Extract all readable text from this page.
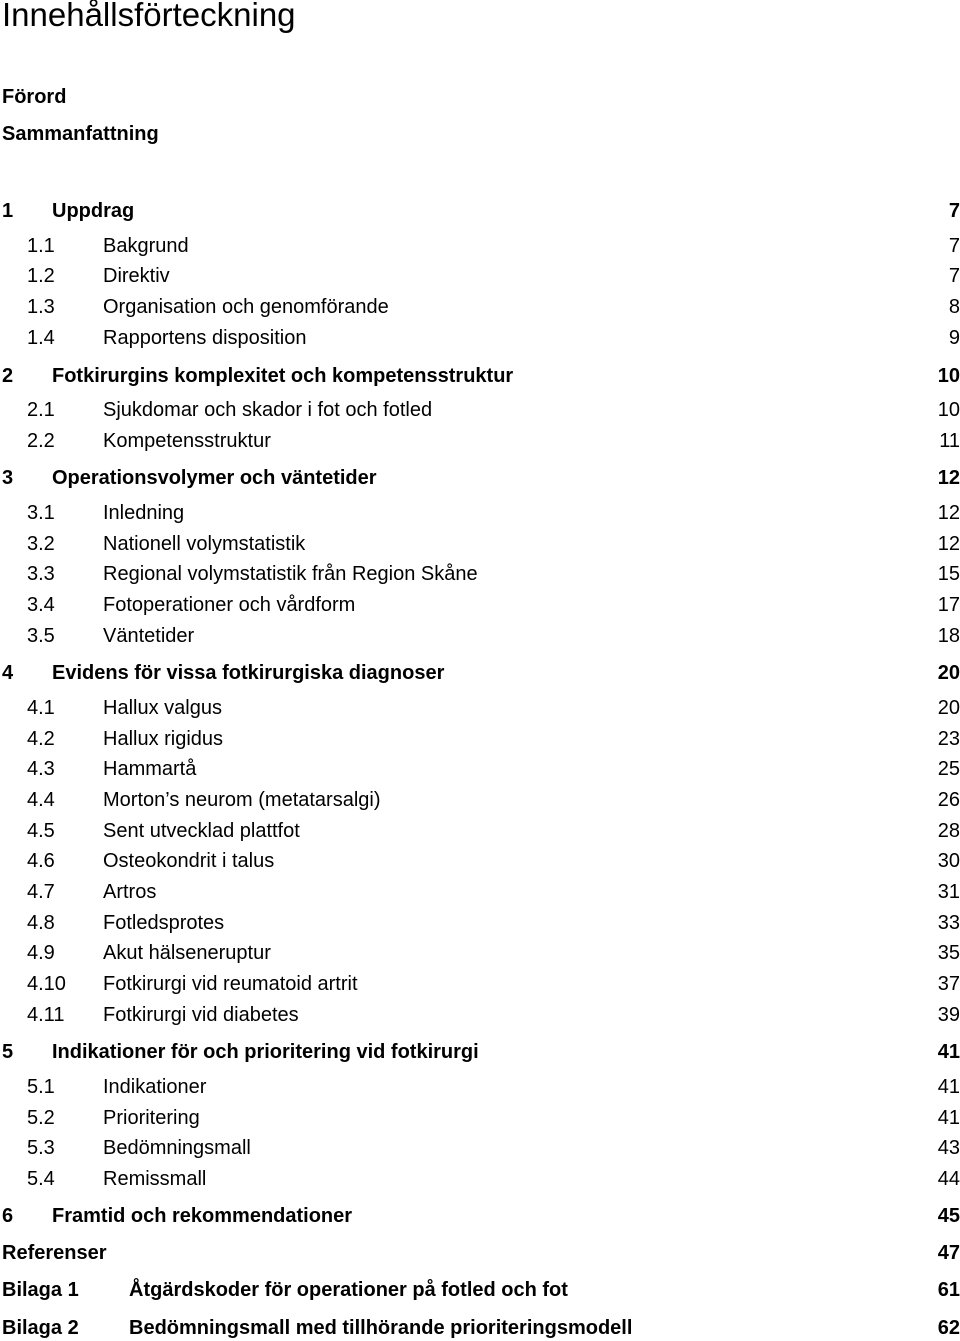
Innehållsförteckning
Förord
Sammanfattning
1 Uppdrag	7
1.1 Bakgrund	7
1.2 Direktiv	7
1.3 Organisation och genomförande	8
1.4 Rapportens disposition	9
2 Fotkirurgins komplexitet och kompetensstruktur	10
2.1 Sjukdomar och skador i fot och fotled	10
2.2 Kompetensstruktur	11
3 Operationsvolymer och väntetider	12
3.1 Inledning	12
3.2 Nationell volymstatistik	12
3.3 Regional volymstatistik från Region Skåne	15
3.4 Fotoperationer och vårdform	17
3.5 Väntetider	18
4 Evidens för vissa fotkirurgiska diagnoser	20
4.1 Hallux valgus	20
4.2 Hallux rigidus	23
4.3 Hammartå	25
4.4 Morton’s neurom (metatarsalgi)	26
4.5 Sent utvecklad plattfot	28
4.6 Osteokondrit i talus	30
4.7 Artros	31
4.8 Fotledsprotes	33
4.9 Akut hälseneruptur	35
4.10 Fotkirurgi vid reumatoid artrit	37
4.11 Fotkirurgi vid diabetes	39
5 Indikationer för och prioritering vid fotkirurgi	41
5.1 Indikationer	41
5.2 Prioritering	41
5.3 Bedömningsmall	43
5.4 Remissmall	44
6 Framtid och rekommendationer	45
Referenser	47
Bilaga 1	Åtgärdskoder för operationer på fotled och fot	61
Bilaga 2	Bedömningsmall med tillhörande prioriteringsmodell	62
